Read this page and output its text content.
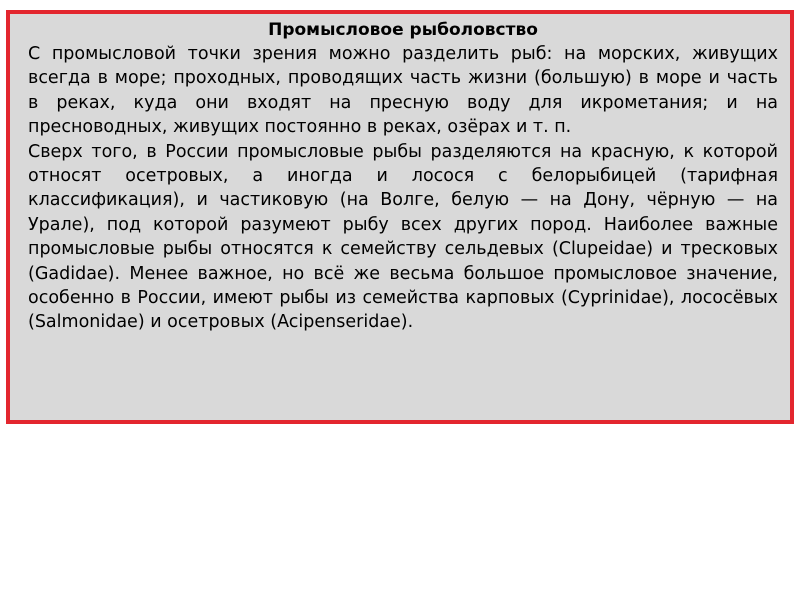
Промысловое рыболовство

С промысловой точки зрения можно разделить рыб: на морских, живущих всегда в море; проходных, проводящих часть жизни (большую) в море и часть в реках, куда они входят на пресную воду для икрометания; и на пресноводных, живущих постоянно в реках, озёрах и т. п.

Сверх того, в России промысловые рыбы разделяются на красную, к которой относят осетровых, а иногда и лосося с белорыбицей (тарифная классификация), и частиковую (на Волге, белую — на Дону, чёрную — на Урале), под которой разумеют рыбу всех других пород. Наиболее важные промысловые рыбы относятся к семейству сельдевых (Clupeidae) и тресковых (Gadidae). Менее важное, но всё же весьма большое промысловое значение, особенно в России, имеют рыбы из семейства карповых (Cyprinidae), лососёвых (Salmonidae) и осетровых (Acipenseridae).
